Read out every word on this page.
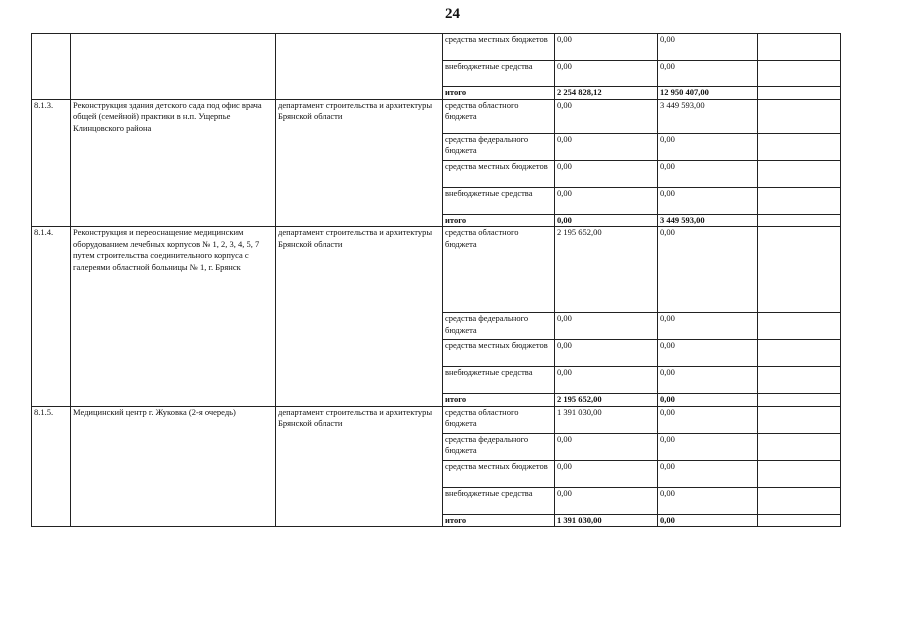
24
			средства местных бюджетов	0,00	0,00	
			внебюджетные средства	0,00	0,00	
			итого	2 254 828,12	12 950 407,00	
8.1.3.	Реконструкция здания детского сада под офис врача общей (семейной) практики в н.п. Ущерпье Клинцовского района	департамент строительства и архитектуры Брянской области	средства областного бюджета	0,00	3 449 593,00	
			средства федерального бюджета	0,00	0,00	
			средства местных бюджетов	0,00	0,00	
			внебюджетные средства	0,00	0,00	
			итого	0,00	3 449 593,00	
8.1.4.	Реконструкция и переоснащение медицинским оборудованием лечебных корпусов № 1, 2, 3, 4, 5, 7 путем строительства соединительного корпуса с галереями областной больницы № 1, г. Брянск	департамент строительства и архитектуры Брянской области	средства областного бюджета	2 195 652,00	0,00	
			средства федерального бюджета	0,00	0,00	
			средства местных бюджетов	0,00	0,00	
			внебюджетные средства	0,00	0,00	
			итого	2 195 652,00	0,00	
8.1.5.	Медицинский центр г. Жуковка (2-я очередь)	департамент строительства и архитектуры Брянской области	средства областного бюджета	1 391 030,00	0,00	
			средства федерального бюджета	0,00	0,00	
			средства местных бюджетов	0,00	0,00	
			внебюджетные средства	0,00	0,00	
			итого	1 391 030,00	0,00	
